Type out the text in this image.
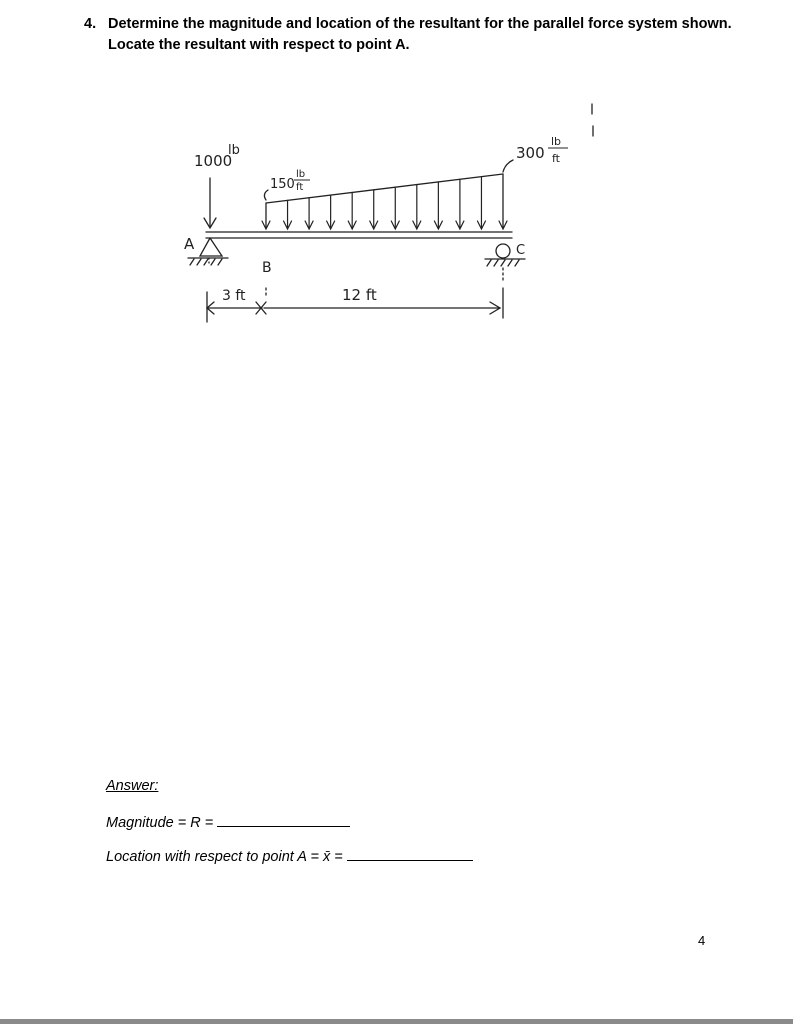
4. Determine the magnitude and location of the resultant for the parallel force system shown. Locate the resultant with respect to point A.
1000
lb
150
lb
ft
300
lb
ft
A
B
C
3 ft	12 ft
Answer:
Magnitude = R =
Location with respect to point A = x̄ =
4
